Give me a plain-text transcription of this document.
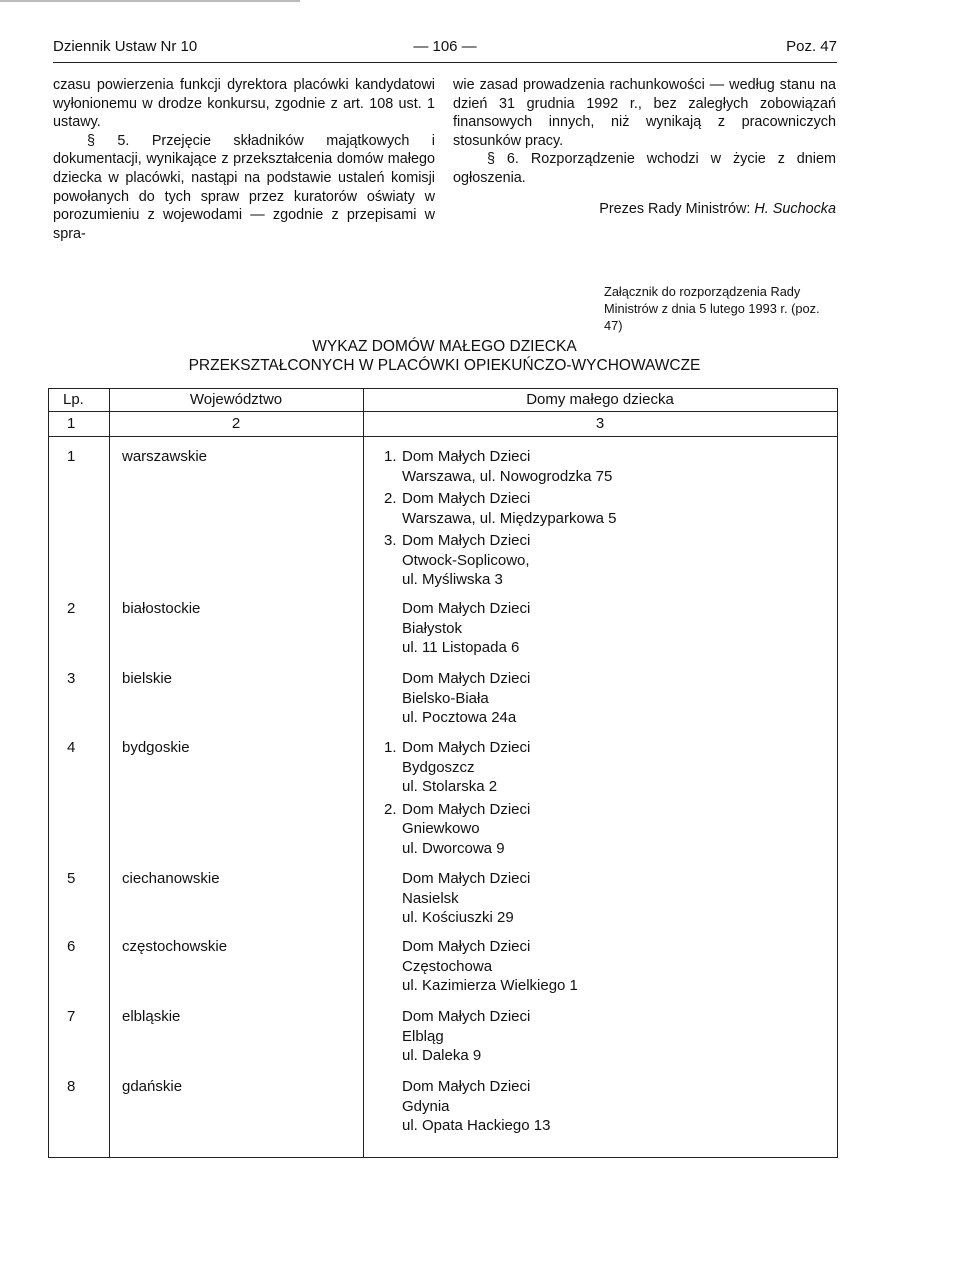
Dziennik Ustaw Nr 10	— 106 —	Poz. 47

czasu powierzenia funkcji dyrektora placówki kandydatowi wyłonionemu w drodze konkursu, zgodnie z art. 108 ust. 1 ustawy.

§ 5. Przejęcie składników majątkowych i dokumentacji, wynikające z przekształcenia domów małego dziecka w placówki, nastąpi na podstawie ustaleń komisji powołanych do tych spraw przez kuratorów oświaty w porozumieniu z wojewodami — zgodnie z przepisami w spra-

wie zasad prowadzenia rachunkowości — według stanu na dzień 31 grudnia 1992 r., bez zaległych zobowiązań finansowych innych, niż wynikają z pracowniczych stosunków pracy.

§ 6. Rozporządzenie wchodzi w życie z dniem ogłoszenia.

Prezes Rady Ministrów: H. Suchocka

Załącznik do rozporządzenia Rady Ministrów z dnia 5 lutego 1993 r. (poz. 47)
WYKAZ DOMÓW MAŁEGO DZIECKA
PRZEKSZTAŁCONYCH W PLACÓWKI OPIEKUŃCZO-WYCHOWAWCZE
Lp.	Województwo	Domy małego dziecka
1	2	3
1	warszawskie	1. Dom Małych Dzieci
Warszawa, ul. Nowogrodzka 75
2. Dom Małych Dzieci
Warszawa, ul. Międzyparkowa 5
3. Dom Małych Dzieci
Otwock-Soplicowo,
ul. Myśliwska 3
2	białostockie	Dom Małych Dzieci
Białystok
ul. 11 Listopada 6
3	bielskie	Dom Małych Dzieci
Bielsko-Biała
ul. Pocztowa 24a
4	bydgoskie	1. Dom Małych Dzieci
Bydgoszcz
ul. Stolarska 2
2. Dom Małych Dzieci
Gniewkowo
ul. Dworcowa 9
5	ciechanowskie	Dom Małych Dzieci
Nasielsk
ul. Kościuszki 29
6	częstochowskie	Dom Małych Dzieci
Częstochowa
ul. Kazimierza Wielkiego 1
7	elbląskie	Dom Małych Dzieci
Elbląg
ul. Daleka 9
8	gdańskie	Dom Małych Dzieci
Gdynia
ul. Opata Hackiego 13
